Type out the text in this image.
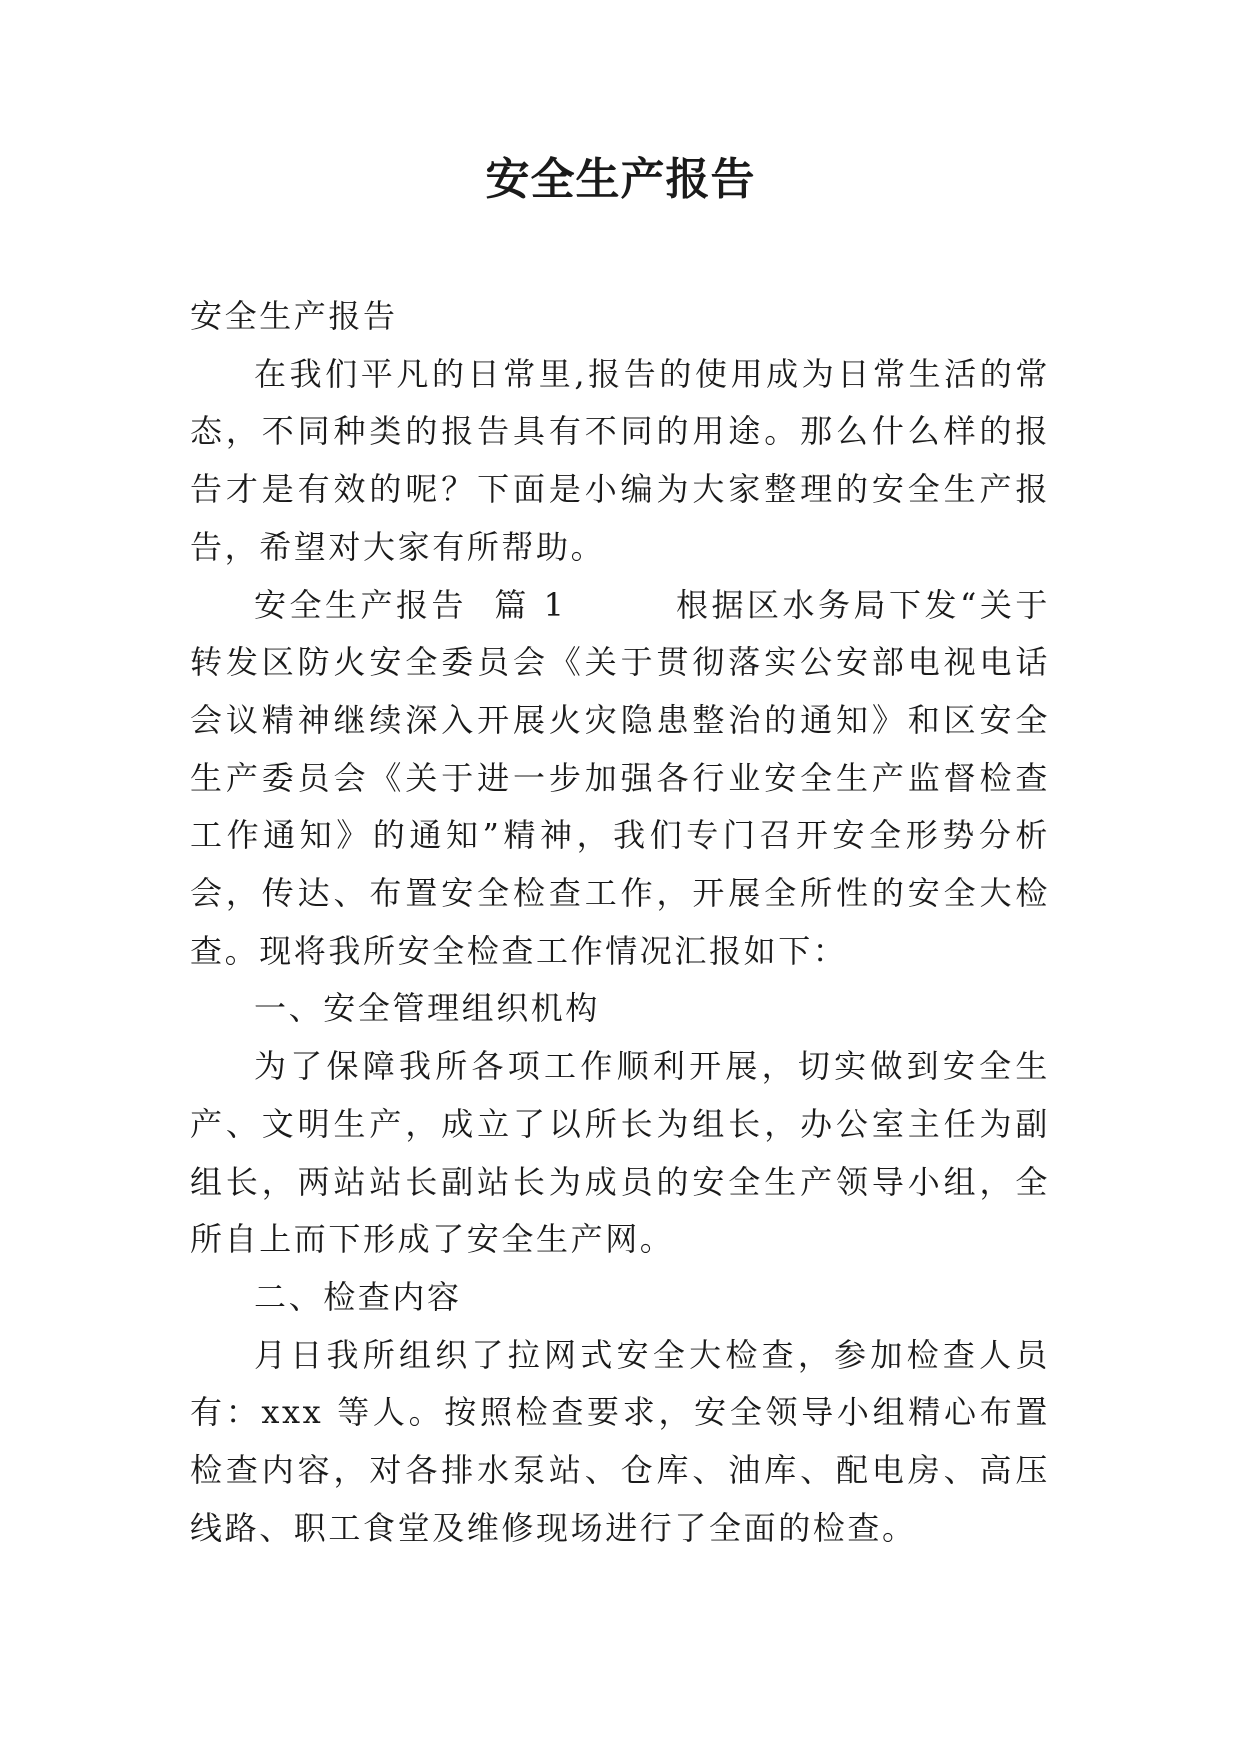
安全生产报告

安全生产报告

在我们平凡的日常里,报告的使用成为日常生活的常态，不同种类的报告具有不同的用途。那么什么样的报告才是有效的呢？下面是小编为大家整理的安全生产报告，希望对大家有所帮助。

安全生产报告  篇 1        根据区水务局下发“关于转发区防火安全委员会《关于贯彻落实公安部电视电话会议精神继续深入开展火灾隐患整治的通知》和区安全生产委员会《关于进一步加强各行业安全生产监督检查工作通知》的通知”精神，我们专门召开安全形势分析会，传达、布置安全检查工作，开展全所性的安全大检查。现将我所安全检查工作情况汇报如下：

一、安全管理组织机构

为了保障我所各项工作顺利开展，切实做到安全生产、文明生产，成立了以所长为组长，办公室主任为副组长，两站站长副站长为成员的安全生产领导小组，全所自上而下形成了安全生产网。

二、检查内容

月日我所组织了拉网式安全大检查，参加检查人员有：xxx 等人。按照检查要求，安全领导小组精心布置检查内容，对各排水泵站、仓库、油库、配电房、高压线路、职工食堂及维修现场进行了全面的检查。
